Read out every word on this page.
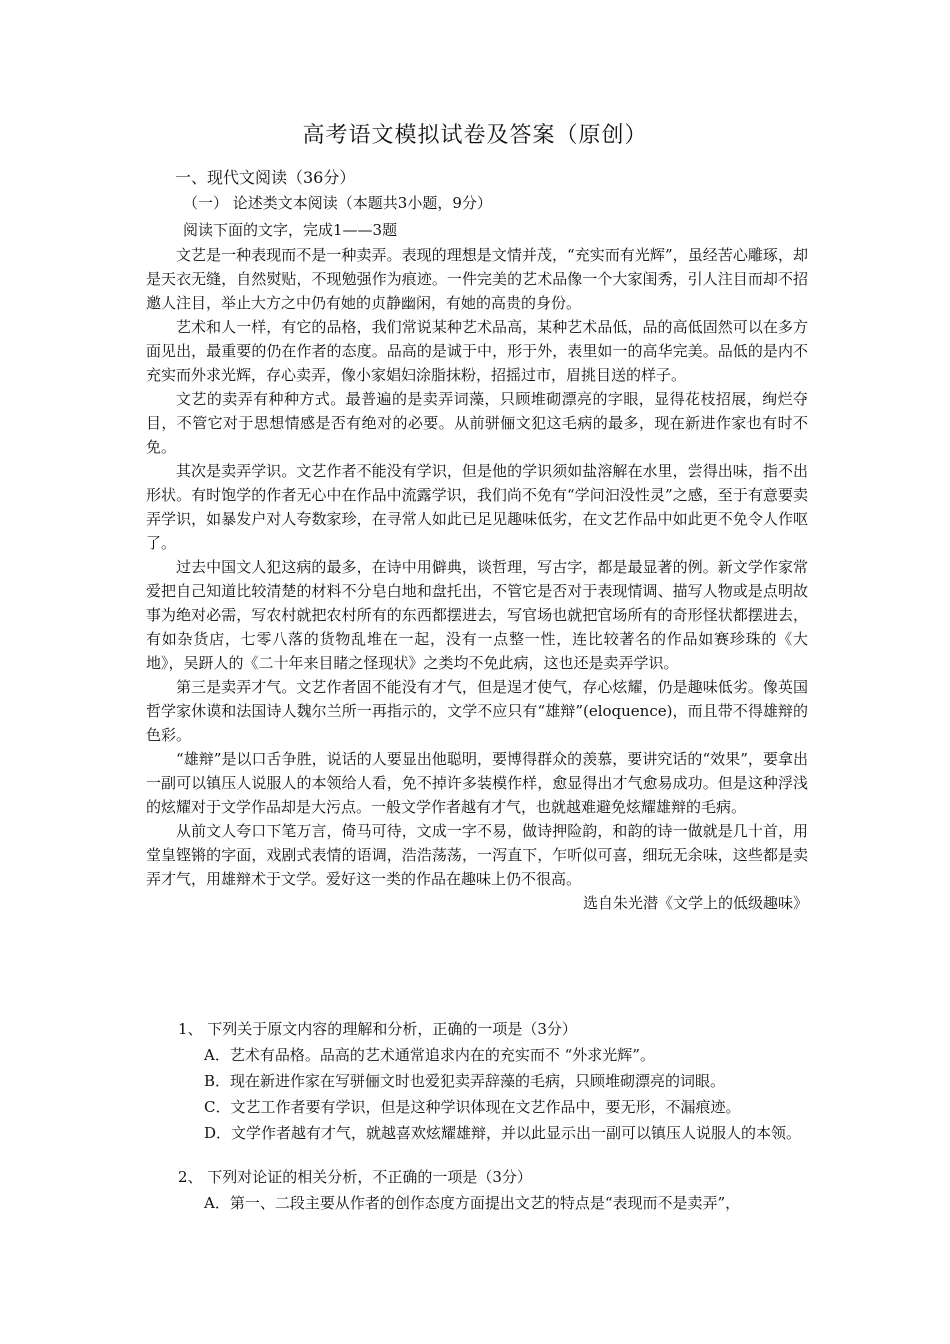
高考语文模拟试卷及答案（原创）
一、现代文阅读（36分）
（一） 论述类文本阅读（本题共3小题，9分）
阅读下面的文字，完成1——3题

文艺是一种表现而不是一种卖弄。表现的理想是文情并茂，“充实而有光辉”，虽经苦心雕琢，却是天衣无缝，自然熨贴，不现勉强作为痕迹。一件完美的艺术品像一个大家闺秀，引人注目而却不招邀人注目，举止大方之中仍有她的贞静幽闲，有她的高贵的身份。

艺术和人一样，有它的品格，我们常说某种艺术品高，某种艺术品低，品的高低固然可以在多方面见出，最重要的仍在作者的态度。品高的是诚于中，形于外，表里如一的高华完美。品低的是内不充实而外求光辉，存心卖弄，像小家娼妇涂脂抹粉，招摇过市，眉挑目送的样子。

文艺的卖弄有种种方式。最普遍的是卖弄词藻，只顾堆砌漂亮的字眼，显得花枝招展，绚烂夺目，不管它对于思想情感是否有绝对的必要。从前骈俪文犯这毛病的最多，现在新进作家也有时不免。

其次是卖弄学识。文艺作者不能没有学识，但是他的学识须如盐溶解在水里，尝得出味，指不出形状。有时饱学的作者无心中在作品中流露学识，我们尚不免有“学问汩没性灵”之感，至于有意要卖弄学识，如暴发户对人夸数家珍，在寻常人如此已足见趣味低劣，在文艺作品中如此更不免令人作呕了。

过去中国文人犯这病的最多，在诗中用僻典，谈哲理，写古字，都是最显著的例。新文学作家常爱把自己知道比较清楚的材料不分皂白地和盘托出，不管它是否对于表现情调、描写人物或是点明故事为绝对必需，写农村就把农村所有的东西都摆进去，写官场也就把官场所有的奇形怪状都摆进去，有如杂货店，七零八落的货物乱堆在一起，没有一点整一性，连比较著名的作品如赛珍珠的《大地》，吴趼人的《二十年来目睹之怪现状》之类均不免此病，这也还是卖弄学识。

第三是卖弄才气。文艺作者固不能没有才气，但是逞才使气，存心炫耀，仍是趣味低劣。像英国哲学家休谟和法国诗人魏尔兰所一再指示的，文学不应只有“雄辩”(eloquence)，而且带不得雄辩的色彩。

“雄辩”是以口舌争胜，说话的人要显出他聪明，要博得群众的羡慕，要讲究话的“效果”，要拿出一副可以镇压人说服人的本领给人看，免不掉许多装模作样，愈显得出才气愈易成功。但是这种浮浅的炫耀对于文学作品却是大污点。一般文学作者越有才气，也就越难避免炫耀雄辩的毛病。

从前文人夸口下笔万言，倚马可待，文成一字不易，做诗押险韵，和韵的诗一做就是几十首，用堂皇铿锵的字面，戏剧式表情的语调，浩浩荡荡，一泻直下，乍听似可喜，细玩无余味，这些都是卖弄才气，用雄辩术于文学。爱好这一类的作品在趣味上仍不很高。

选自朱光潜《文学上的低级趣味》

1、 下列关于原文内容的理解和分析，正确的一项是（3分）
A．艺术有品格。品高的艺术通常追求内在的充实而不 “外求光辉”。
B．现在新进作家在写骈俪文时也爱犯卖弄辞藻的毛病，只顾堆砌漂亮的词眼。
C．文艺工作者要有学识，但是这种学识体现在文艺作品中，要无形，不漏痕迹。
D．文学作者越有才气，就越喜欢炫耀雄辩，并以此显示出一副可以镇压人说服人的本领。
2、 下列对论证的相关分析，不正确的一项是（3分）
A．第一、二段主要从作者的创作态度方面提出文艺的特点是“表现而不是卖弄”，
